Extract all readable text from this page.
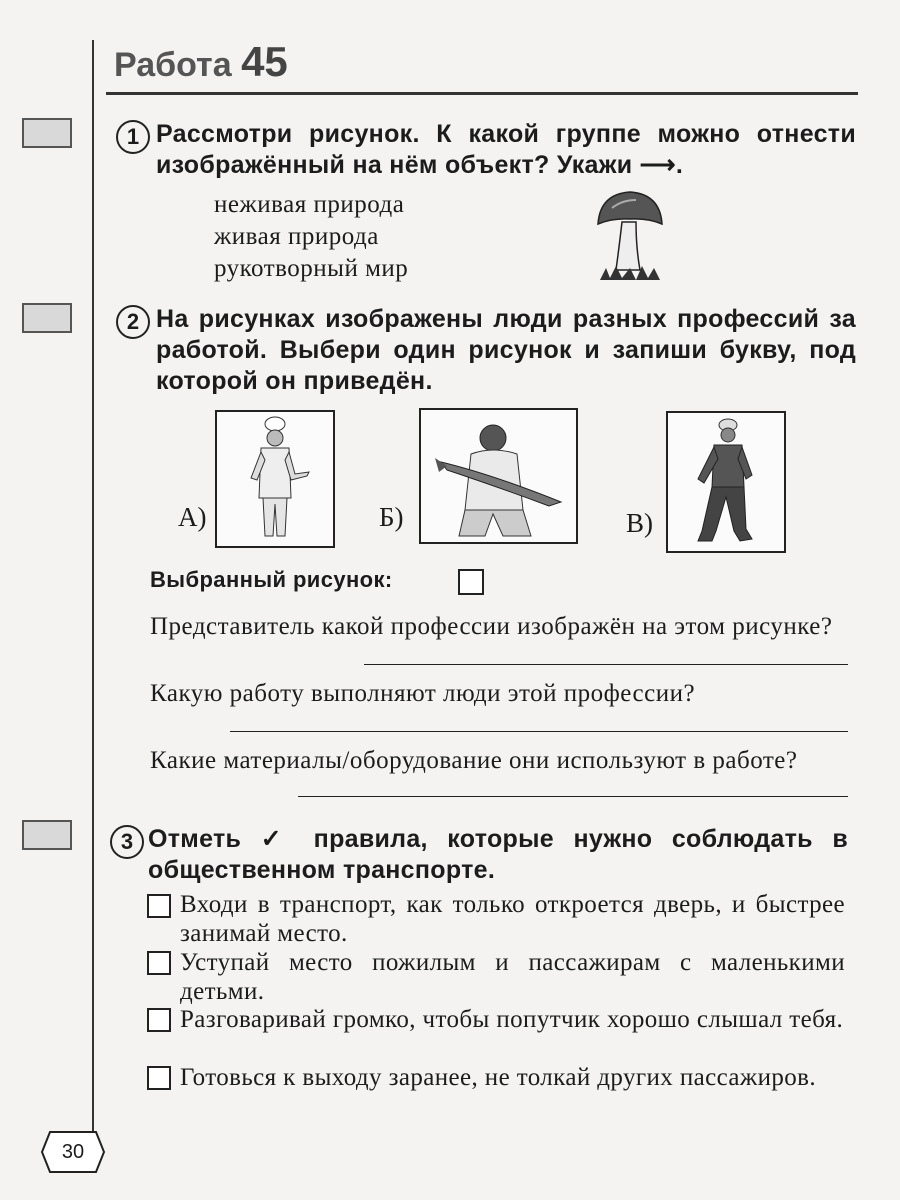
Работа 45
1 Рассмотри рисунок. К какой группе можно отнести изображённый на нём объект? Укажи ⟶.
неживая природа
живая природа
рукотворный мир
2 На рисунках изображены люди разных профессий за работой. Выбери один рисунок и запиши букву, под которой он приведён.
А)	Б)	В)
Выбранный рисунок:
Представитель какой профессии изображён на этом рисунке?
Какую работу выполняют люди этой профессии?
Какие материалы/оборудование они используют в работе?
3 Отметь ✓ правила, которые нужно соблюдать в общественном транспорте.
Входи в транспорт, как только откроется дверь, и быстрее занимай место.
Уступай место пожилым и пассажирам с маленькими детьми.
Разговаривай громко, чтобы попутчик хорошо слышал тебя.
Готовься к выходу заранее, не толкай других пассажиров.
30
